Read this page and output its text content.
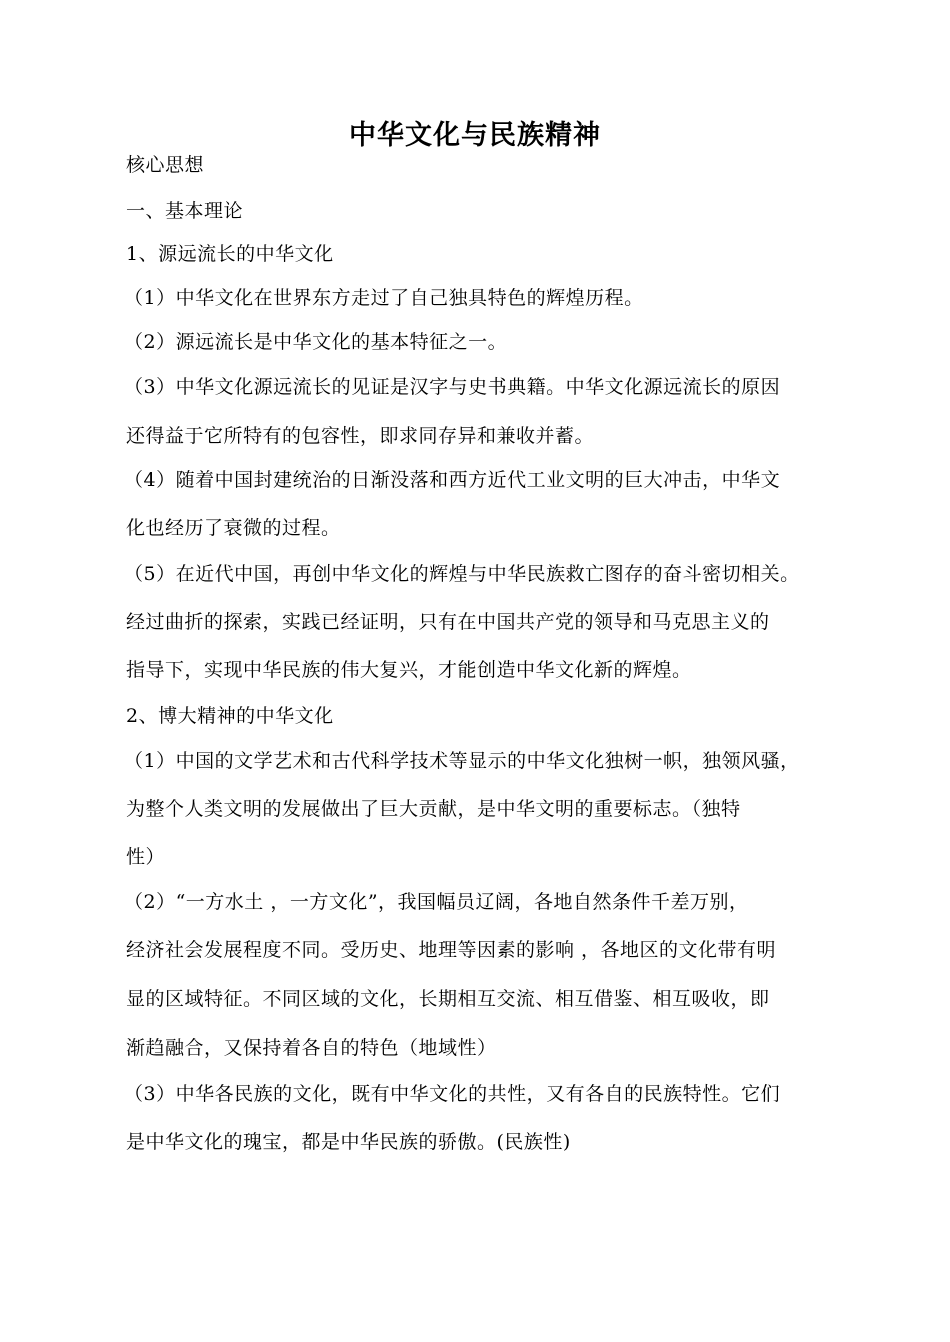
中华文化与民族精神
核心思想
一、基本理论
1、源远流长的中华文化
（1）中华文化在世界东方走过了自己独具特色的辉煌历程。
（2）源远流长是中华文化的基本特征之一。
（3）中华文化源远流长的见证是汉字与史书典籍。中华文化源远流长的原因
还得益于它所特有的包容性，即求同存异和兼收并蓄。
（4）随着中国封建统治的日渐没落和西方近代工业文明的巨大冲击，中华文
化也经历了衰微的过程。
（5）在近代中国，再创中华文化的辉煌与中华民族救亡图存的奋斗密切相关。
经过曲折的探索，实践已经证明，只有在中国共产党的领导和马克思主义的
指导下，实现中华民族的伟大复兴，才能创造中华文化新的辉煌。
2、博大精神的中华文化
（1）中国的文学艺术和古代科学技术等显示的中华文化独树一帜，独领风骚，
为整个人类文明的发展做出了巨大贡献，是中华文明的重要标志。（独特
性）
（2）“一方水土 ，一方文化”，我国幅员辽阔，各地自然条件千差万别，
经济社会发展程度不同。受历史、地理等因素的影响 ，各地区的文化带有明
显的区域特征。不同区域的文化，长期相互交流、相互借鉴、相互吸收，即
渐趋融合，又保持着各自的特色（地域性）
（3）中华各民族的文化，既有中华文化的共性，又有各自的民族特性。它们
是中华文化的瑰宝，都是中华民族的骄傲。(民族性)
